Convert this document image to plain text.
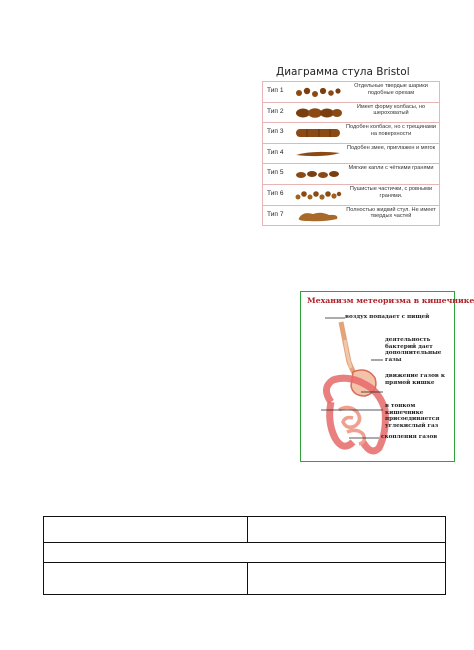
Диаграмма стула Bristol
Тип 1
Отдельные твердые шарики подобные орехам
Тип 2
Имеет форму колбасы, но шероховатый
Тип 3
Подобен колбасе, но с трещинами на поверхности
Тип 4
Подобен змее, приглажен и мягок
Тип 5
Мягкие капли с чёткими гранями
Тип 6
Пушистые частички, с ровными гранями.
Тип 7
Полностью жидкий стул. Не имеет твердых частей
Механизм метеоризма в кишечнике
воздух попадает с пищей
деятельность бактерий дает дополнительные газы
движение газов к прямой кишке
в тонком кишечнике присоединяется углекислый газ
скопления газов
